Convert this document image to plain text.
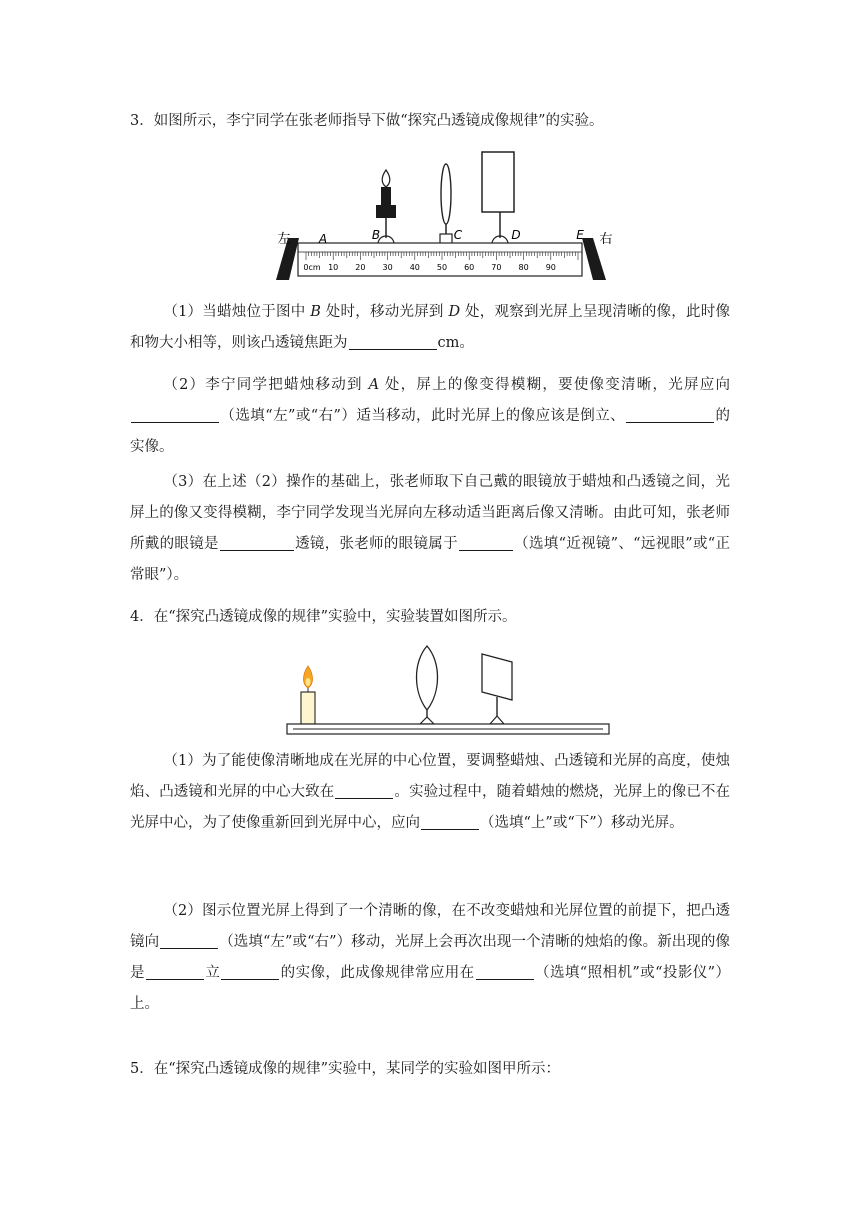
3．如图所示，李宁同学在张老师指导下做“探究凸透镜成像规律”的实验。

0cm 10 20 30 40 50 60 70 80 90
左	右
A	B	C	D	E

（1）当蜡烛位于图中 B 处时，移动光屏到 D 处，观察到光屏上呈现清晰的像，此时像和物大小相等，则该凸透镜焦距为	cm。

（2）李宁同学把蜡烛移动到 A 处，屏上的像变得模糊，要使像变清晰，光屏应向（选填“左”或“右”）适当移动，此时光屏上的像应该是倒立、	的实像。

（3）在上述（2）操作的基础上，张老师取下自己戴的眼镜放于蜡烛和凸透镜之间，光屏上的像又变得模糊，李宁同学发现当光屏向左移动适当距离后像又清晰。由此可知，张老师所戴的眼镜是	透镜，张老师的眼镜属于	（选填“近视镜”、“远视眼”或“正常眼”）。

4．在“探究凸透镜成像的规律”实验中，实验装置如图所示。

（1）为了能使像清晰地成在光屏的中心位置，要调整蜡烛、凸透镜和光屏的高度，使烛焰、凸透镜和光屏的中心大致在	。实验过程中，随着蜡烛的燃烧，光屏上的像已不在光屏中心，为了使像重新回到光屏中心，应向	（选填“上”或“下”）移动光屏。

（2）图示位置光屏上得到了一个清晰的像，在不改变蜡烛和光屏位置的前提下，把凸透镜向	（选填“左”或“右”）移动，光屏上会再次出现一个清晰的烛焰的像。新出现的像是	立	的实像，此成像规律常应用在	（选填“照相机”或“投影仪”）上。

5．在“探究凸透镜成像的规律”实验中，某同学的实验如图甲所示：
